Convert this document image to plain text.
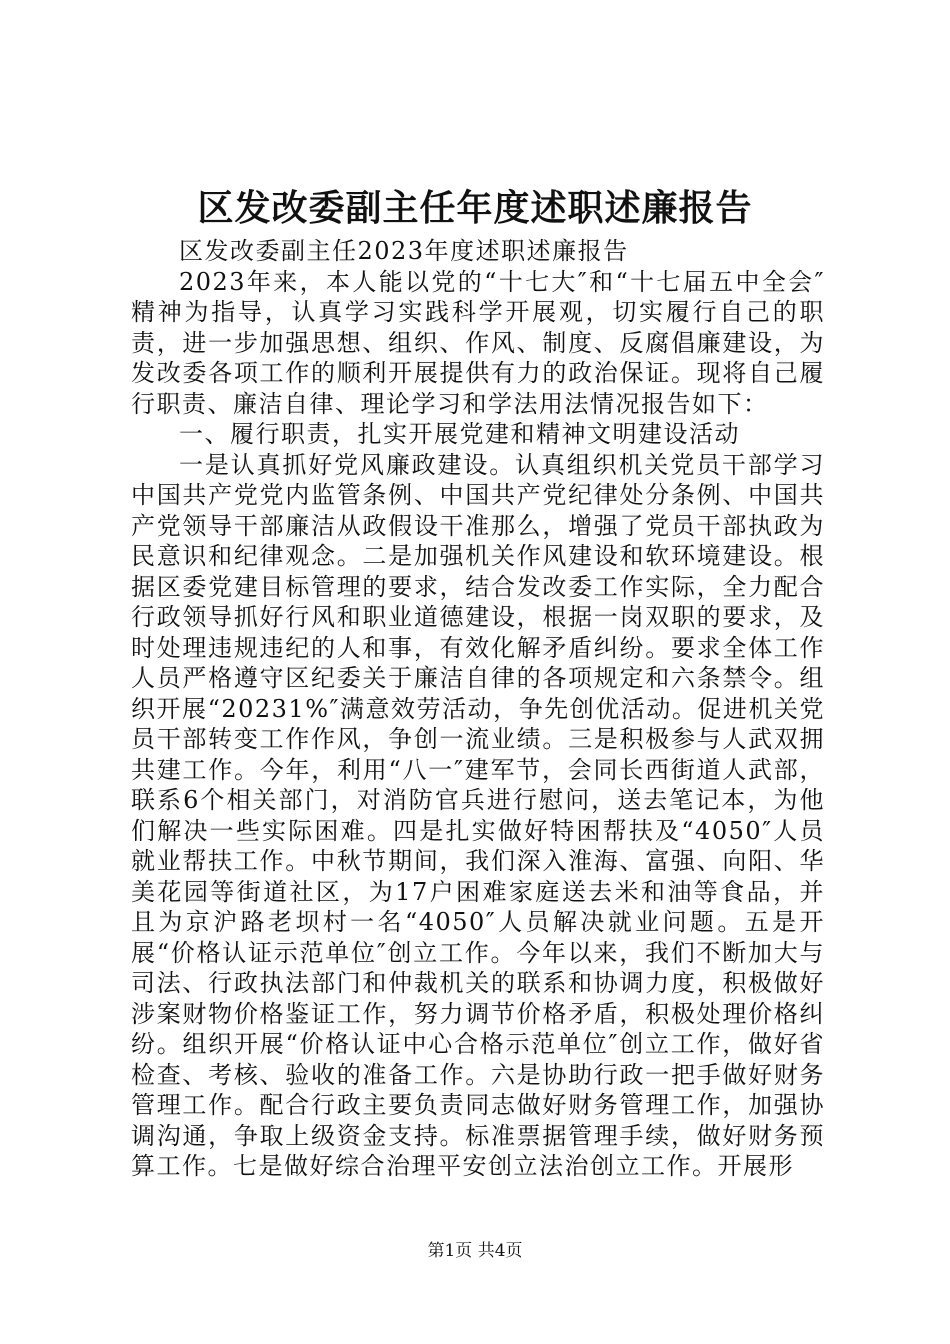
区发改委副主任年度述职述廉报告

区发改委副主任2023年度述职述廉报告

2023年来，本人能以党的“十七大″和“十七届五中全会″精神为指导，认真学习实践科学开展观，切实履行自己的职责，进一步加强思想、组织、作风、制度、反腐倡廉建设，为发改委各项工作的顺利开展提供有力的政治保证。现将自己履行职责、廉洁自律、理论学习和学法用法情况报告如下：

一、履行职责，扎实开展党建和精神文明建设活动

一是认真抓好党风廉政建设。认真组织机关党员干部学习中国共产党党内监管条例、中国共产党纪律处分条例、中国共产党领导干部廉洁从政假设干准那么，增强了党员干部执政为民意识和纪律观念。二是加强机关作风建设和软环境建设。根据区委党建目标管理的要求，结合发改委工作实际，全力配合行政领导抓好行风和职业道德建设，根据一岗双职的要求，及时处理违规违纪的人和事，有效化解矛盾纠纷。要求全体工作人员严格遵守区纪委关于廉洁自律的各项规定和六条禁令。组织开展“20231%″满意效劳活动，争先创优活动。促进机关党员干部转变工作作风，争创一流业绩。三是积极参与人武双拥共建工作。今年，利用“八一″建军节，会同长西街道人武部，联系6个相关部门，对消防官兵进行慰问，送去笔记本，为他们解决一些实际困难。四是扎实做好特困帮扶及“4050″人员就业帮扶工作。中秋节期间，我们深入淮海、富强、向阳、华美花园等街道社区，为17户困难家庭送去米和油等食品，并且为京沪路老坝村一名“4050″人员解决就业问题。五是开展“价格认证示范单位″创立工作。今年以来，我们不断加大与司法、行政执法部门和仲裁机关的联系和协调力度，积极做好涉案财物价格鉴证工作，努力调节价格矛盾，积极处理价格纠纷。组织开展“价格认证中心合格示范单位″创立工作，做好省检查、考核、验收的准备工作。六是协助行政一把手做好财务管理工作。配合行政主要负责同志做好财务管理工作，加强协调沟通，争取上级资金支持。标准票据管理手续，做好财务预算工作。七是做好综合治理平安创立法治创立工作。开展形

第1页 共4页
